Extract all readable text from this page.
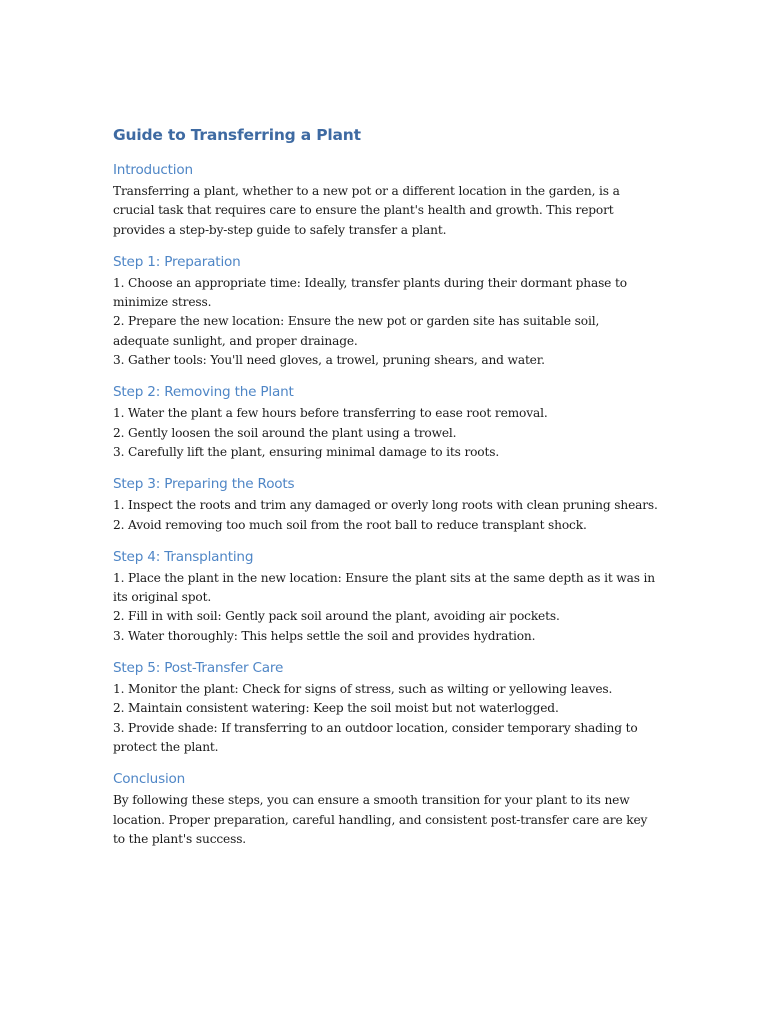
Guide to Transferring a Plant
Introduction

Transferring a plant, whether to a new pot or a different location in the garden, is a crucial task that requires care to ensure the plant's health and growth. This report provides a step-by-step guide to safely transfer a plant.

Step 1: Preparation

1. Choose an appropriate time: Ideally, transfer plants during their dormant phase to minimize stress.

2. Prepare the new location: Ensure the new pot or garden site has suitable soil, adequate sunlight, and proper drainage.

3. Gather tools: You'll need gloves, a trowel, pruning shears, and water.

Step 2: Removing the Plant

1. Water the plant a few hours before transferring to ease root removal.

2. Gently loosen the soil around the plant using a trowel.

3. Carefully lift the plant, ensuring minimal damage to its roots.

Step 3: Preparing the Roots

1. Inspect the roots and trim any damaged or overly long roots with clean pruning shears.

2. Avoid removing too much soil from the root ball to reduce transplant shock.

Step 4: Transplanting

1. Place the plant in the new location: Ensure the plant sits at the same depth as it was in its original spot.

2. Fill in with soil: Gently pack soil around the plant, avoiding air pockets.

3. Water thoroughly: This helps settle the soil and provides hydration.

Step 5: Post-Transfer Care

1. Monitor the plant: Check for signs of stress, such as wilting or yellowing leaves.

2. Maintain consistent watering: Keep the soil moist but not waterlogged.

3. Provide shade: If transferring to an outdoor location, consider temporary shading to protect the plant.

Conclusion

By following these steps, you can ensure a smooth transition for your plant to its new location. Proper preparation, careful handling, and consistent post-transfer care are key to the plant's success.
